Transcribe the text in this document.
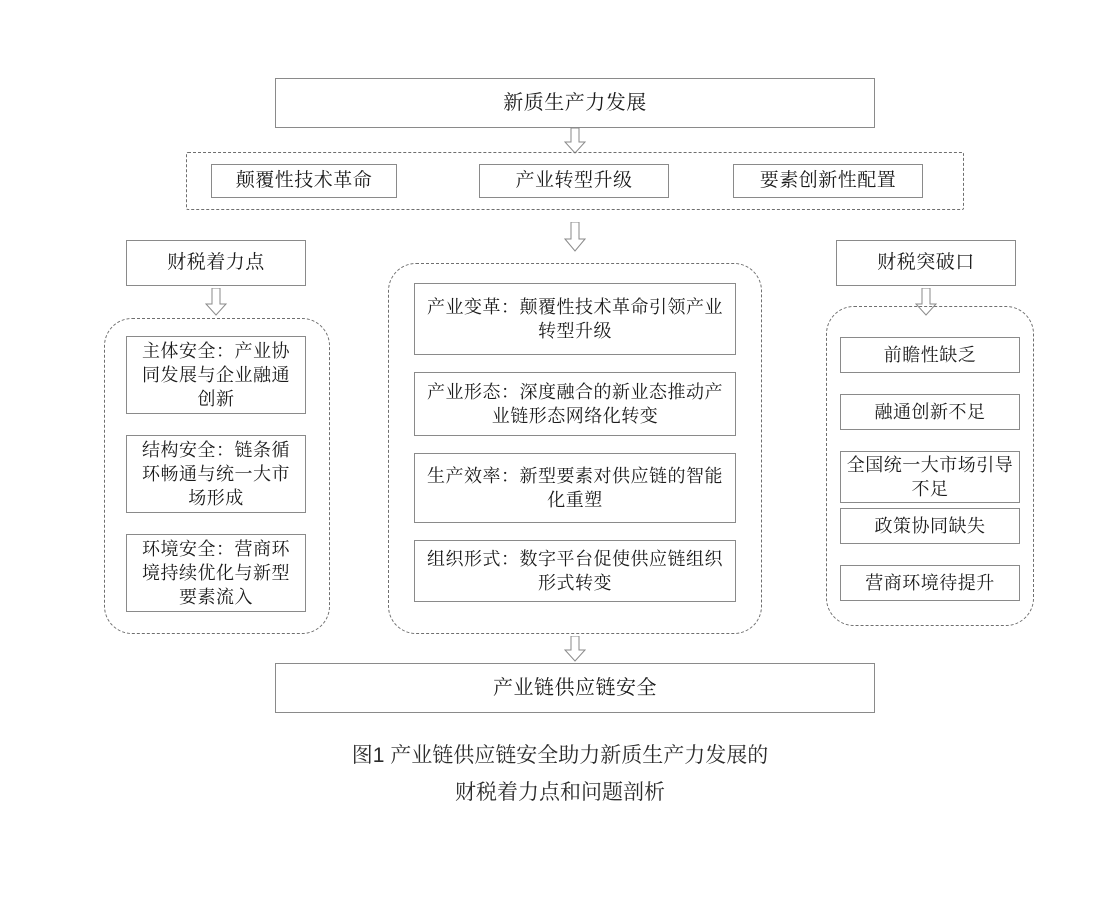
新质生产力发展
颠覆性技术革命	产业转型升级	要素创新性配置
财税着力点	财税突破口
主体安全：产业协同发展与企业融通创新
结构安全：链条循环畅通与统一大市场形成
环境安全：营商环境持续优化与新型要素流入
产业变革：颠覆性技术革命引领产业转型升级
产业形态：深度融合的新业态推动产业链形态网络化转变
生产效率：新型要素对供应链的智能化重塑
组织形式：数字平台促使供应链组织形式转变
前瞻性缺乏
融通创新不足
全国统一大市场引导不足
政策协同缺失
营商环境待提升
产业链供应链安全
图1 产业链供应链安全助力新质生产力发展的
财税着力点和问题剖析
